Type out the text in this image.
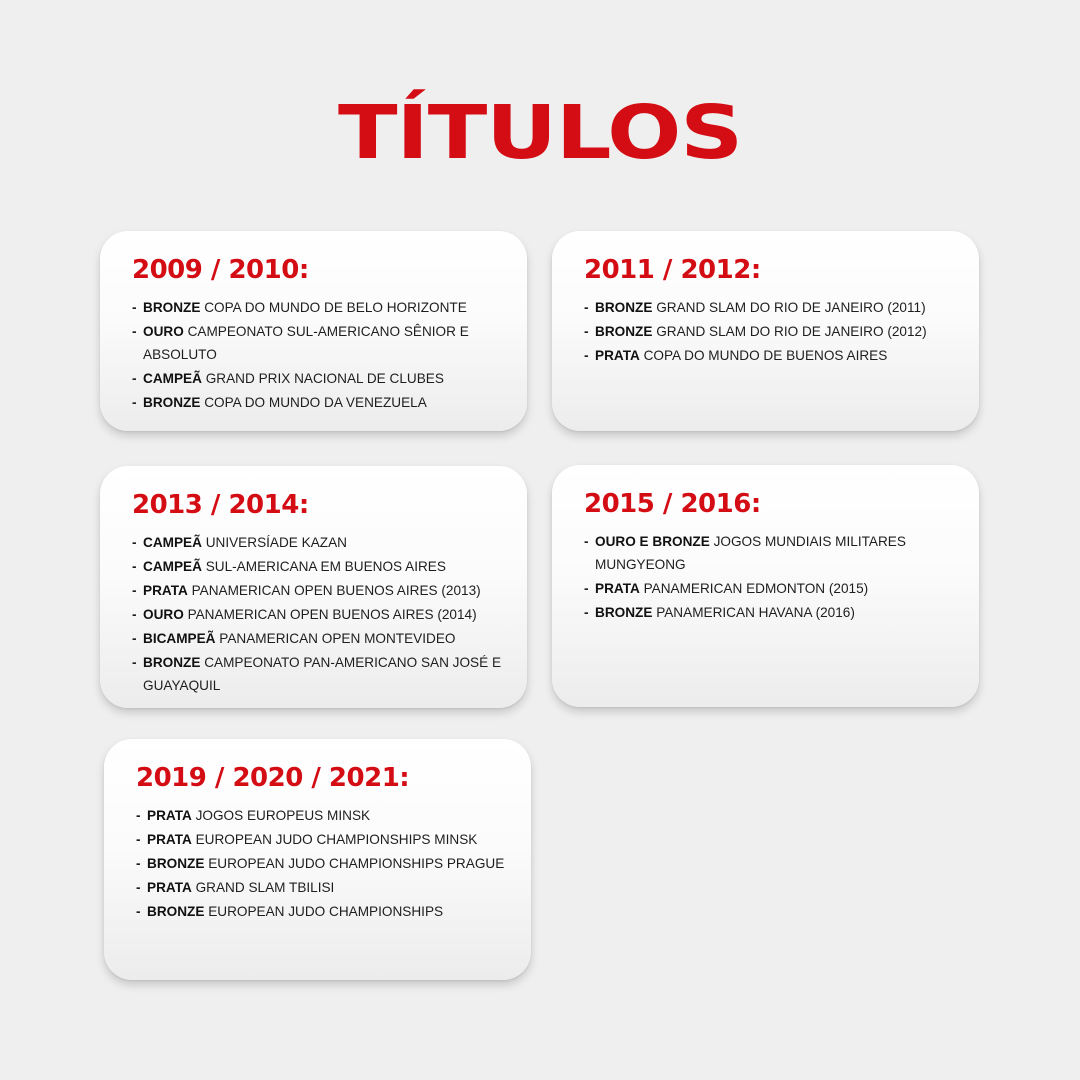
TÍTULOS
2009 / 2010:
- BRONZE COPA DO MUNDO DE BELO HORIZONTE
- OURO CAMPEONATO SUL-AMERICANO SÊNIOR E ABSOLUTO
- CAMPEÃ GRAND PRIX NACIONAL DE CLUBES
- BRONZE COPA DO MUNDO DA VENEZUELA
2011 / 2012:
- BRONZE GRAND SLAM DO RIO DE JANEIRO (2011)
- BRONZE GRAND SLAM DO RIO DE JANEIRO (2012)
- PRATA COPA DO MUNDO DE BUENOS AIRES
2013 / 2014:
- CAMPEÃ UNIVERSÍADE KAZAN
- CAMPEÃ SUL-AMERICANA EM BUENOS AIRES
- PRATA PANAMERICAN OPEN BUENOS AIRES (2013)
- OURO PANAMERICAN OPEN BUENOS AIRES (2014)
- BICAMPEÃ PANAMERICAN OPEN MONTEVIDEO
- BRONZE CAMPEONATO PAN-AMERICANO SAN JOSÉ E GUAYAQUIL
2015 / 2016:
- OURO E BRONZE JOGOS MUNDIAIS MILITARES MUNGYEONG
- PRATA PANAMERICAN EDMONTON (2015)
- BRONZE PANAMERICAN HAVANA (2016)
2019 / 2020 / 2021:
- PRATA JOGOS EUROPEUS MINSK
- PRATA EUROPEAN JUDO CHAMPIONSHIPS MINSK
- BRONZE EUROPEAN JUDO CHAMPIONSHIPS PRAGUE
- PRATA GRAND SLAM TBILISI
- BRONZE EUROPEAN JUDO CHAMPIONSHIPS
